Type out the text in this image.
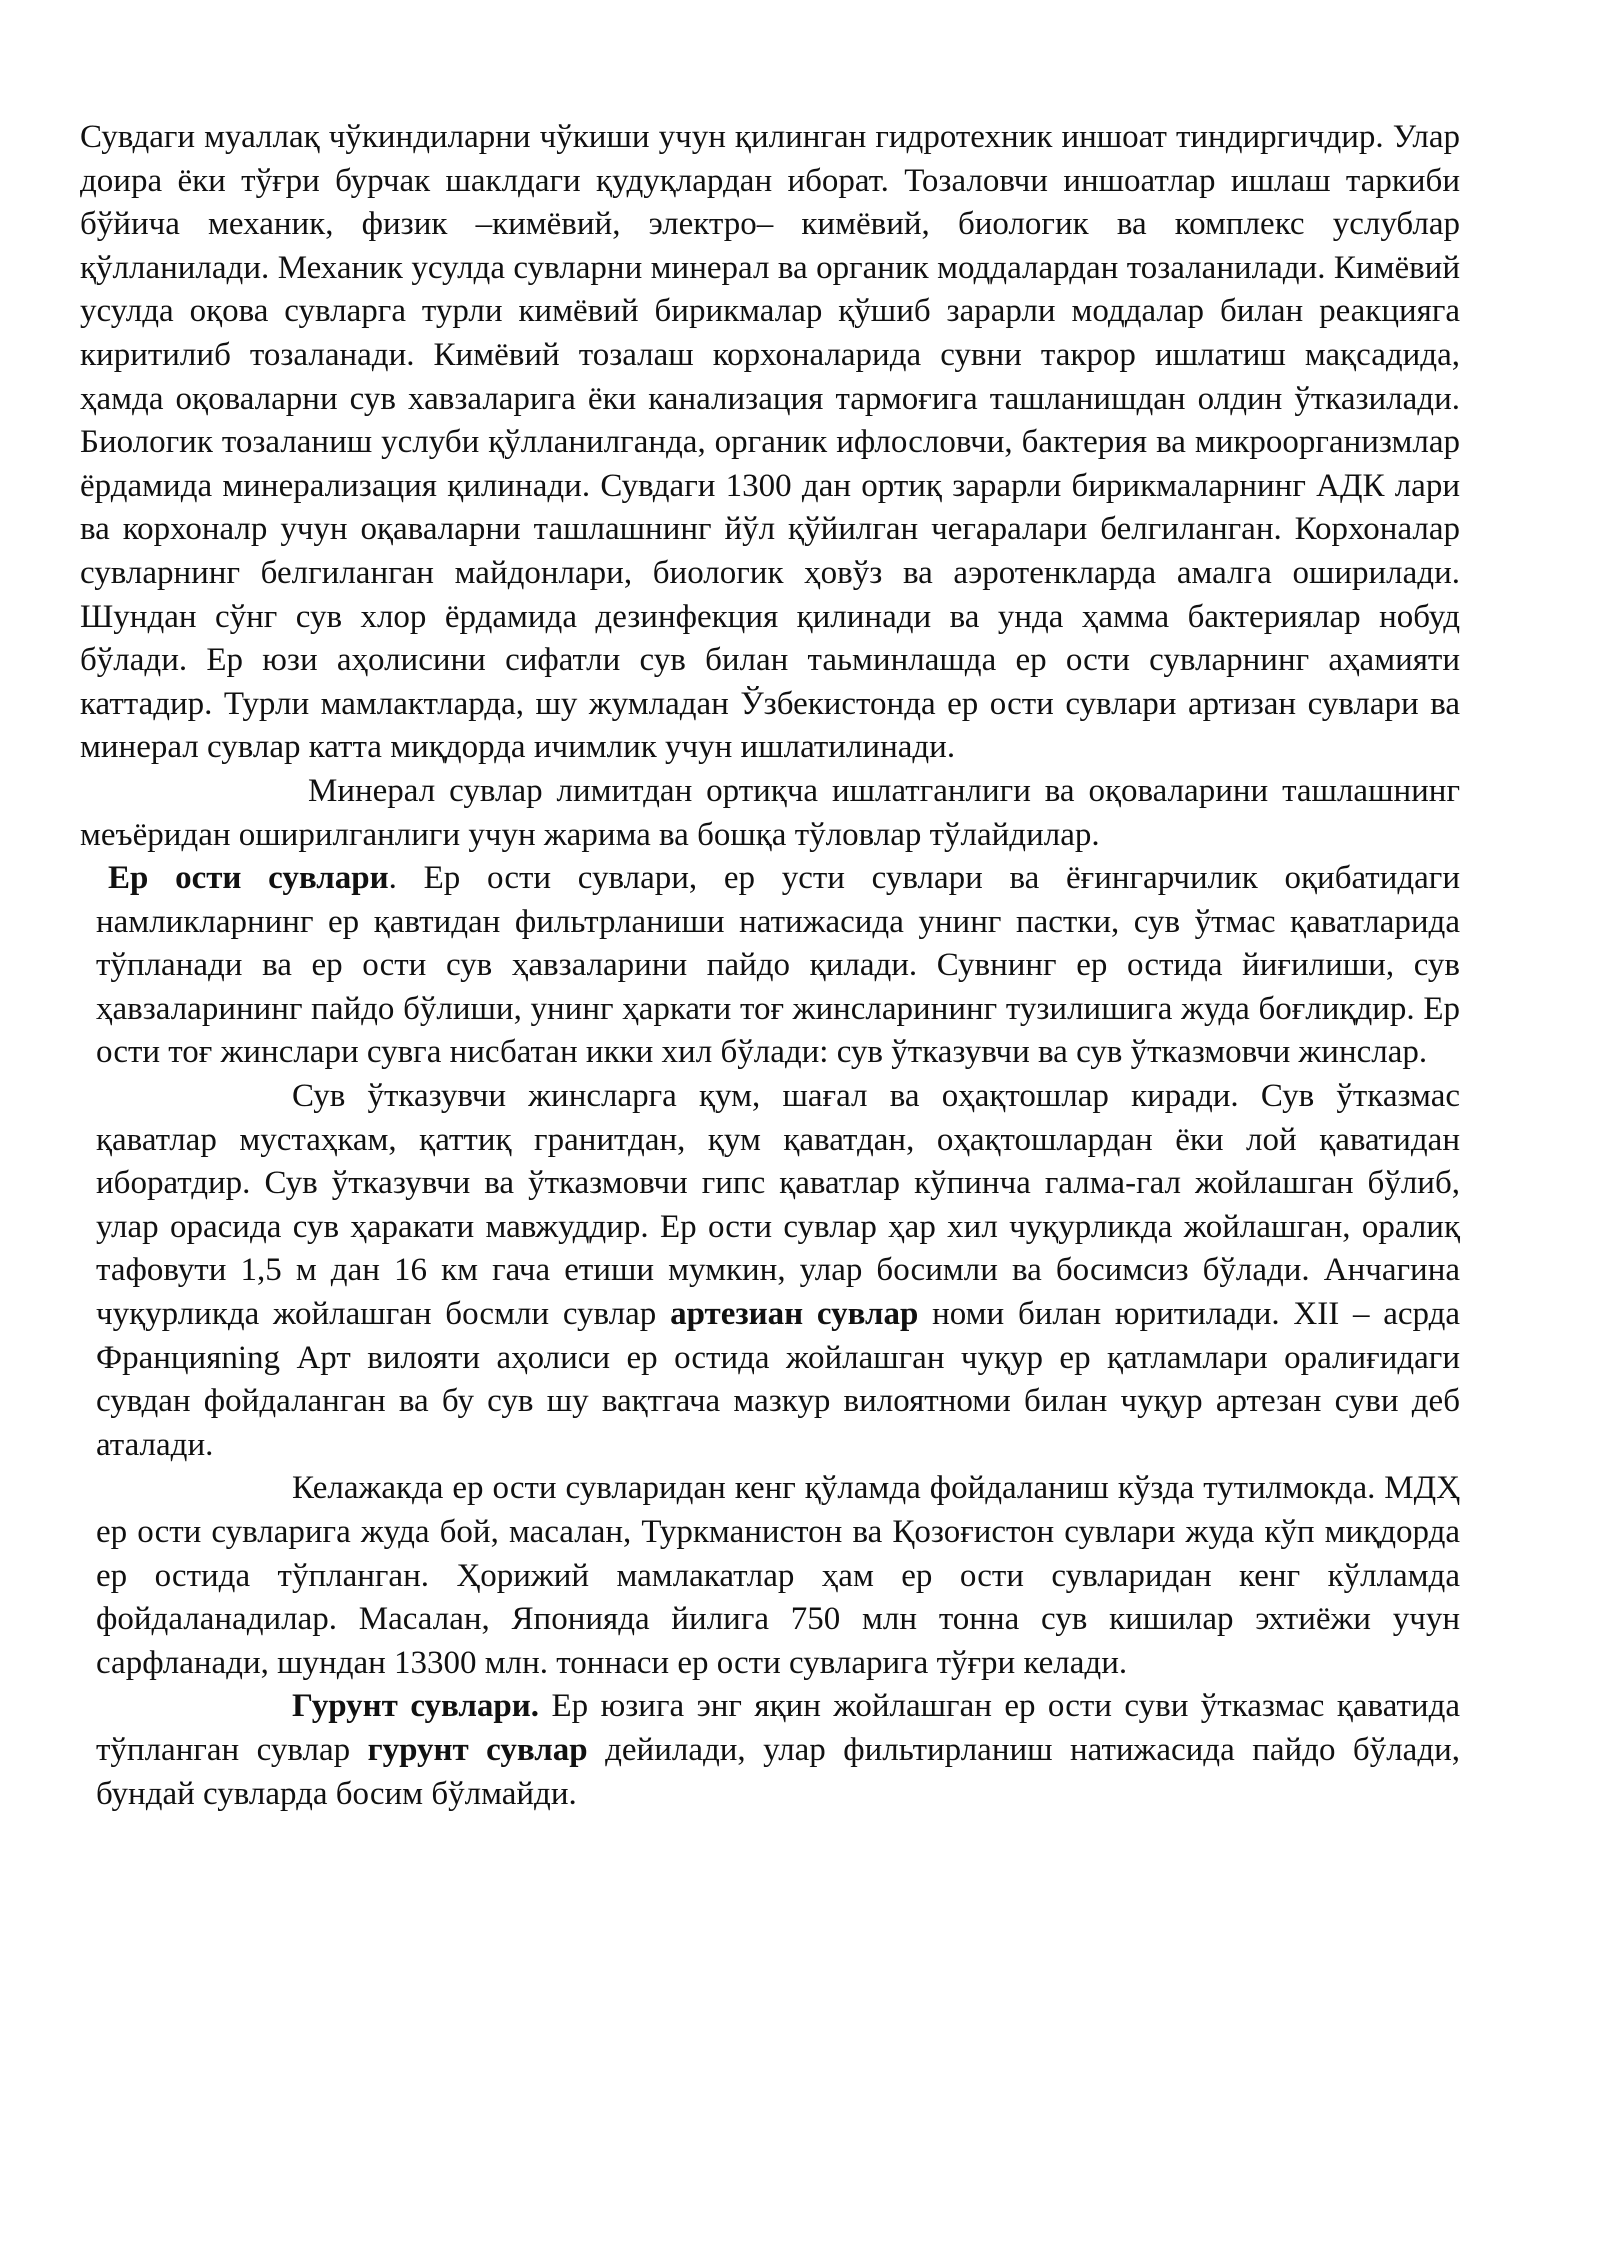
Сувдаги муаллақ чўкиндиларни чўкиши учун қилинган гидротехник иншоат тиндиргичдир. Улар доира ёки тўғри бурчак шаклдаги қудуқлардан иборат. Тозаловчи иншоатлар ишлаш таркиби бўйича механик, физик –кимёвий, электро– кимёвий, биологик ва комплекс услублар қўлланилади. Механик усулда сувларни минерал ва органик моддалардан тозаланилади. Кимёвий усулда оқова сувларга турли кимёвий бирикмалар қўшиб зарарли моддалар билан реакцияга киритилиб тозаланади. Кимёвий тозалаш корхоналарида сувни такрор ишлатиш мақсадида, ҳамда оқоваларни сув хавзаларига ёки канализация тармоғига ташланишдан олдин ўтказилади. Биологик тозаланиш услуби қўлланилганда, органик ифлословчи, бактерия ва микроорганизмлар ёрдамида минерализация қилинади. Сувдаги 1300 дан ортиқ зарарли бирикмаларнинг АДК лари ва корхоналр учун оқаваларни ташлашнинг йўл қўйилган чегаралари белгиланган. Корхоналар сувларнинг белгиланган майдонлари, биологик ҳовўз ва аэротенкларда амалга оширилади. Шундан сўнг сув хлор ёрдамида дезинфекция қилинади ва унда ҳамма бактериялар нобуд бўлади. Ер юзи аҳолисини сифатли сув билан таьминлашда ер ости сувларнинг аҳамияти каттадир. Турли мамлактларда, шу жумладан Ўзбекистонда ер ости сувлари артизан сувлари ва минерал сувлар катта миқдорда ичимлик учун ишлатилинади.

Минерал сувлар лимитдан ортиқча ишлатганлиги ва оқоваларини ташлашнинг меъёридан оширилганлиги учун жарима ва бошқа тўловлар тўлайдилар.

Ер ости сувлари. Ер ости сувлари, ер усти сувлари ва ёғингарчилик оқибатидаги намликларнинг ер қавтидан фильтрланиши натижасида унинг пастки, сув ўтмас қаватларида тўпланади ва ер ости сув ҳавзаларини пайдо қилади. Сувнинг ер остида йиғилиши, сув ҳавзаларининг пайдо бўлиши, унинг ҳаркати тоғ жинсларининг тузилишига жуда боғлиқдир. Ер ости тоғ жинслари сувга нисбатан икки хил бўлади: сув ўтказувчи ва сув ўтказмовчи жинслар.

Сув ўтказувчи жинсларга қум, шағал ва оҳақтошлар киради. Сув ўтказмас қаватлар мустаҳкам, қаттиқ гранитдан, қум қаватдан, оҳақтошлардан ёки лой қаватидан иборатдир. Сув ўтказувчи ва ўтказмовчи гипс қаватлар кўпинча галма-гал жойлашган бўлиб, улар орасида сув ҳаракати мавжуддир. Ер ости сувлар ҳар хил чуқурликда жойлашган, оралиқ тафовути 1,5 м дан 16 км гача етиши мумкин, улар босимли ва босимсиз бўлади. Анчагина чуқурликда жойлашган босмли сувлар артезиан сувлар номи билан юритилади. XII – асрда Францияning Арт вилояти аҳолиси ер остида жойлашган чуқур ер қатламлари оралиғидаги сувдан фойдаланган ва бу сув шу вақтгача мазкур вилоятноми билан чуқур артезан суви деб аталади.

Келажакда ер ости сувларидан кенг қўламда фойдаланиш кўзда тутилмокда. МДҲ ер ости сувларига жуда бой, масалан, Туркманистон ва Қозоғистон сувлари жуда кўп миқдорда ер остида тўпланган. Ҳорижий мамлакатлар ҳам ер ости сувларидан кенг кўлламда фойдаланадилар. Масалан, Японияда йилига 750 млн тонна сув кишилар эхтиёжи учун сарфланади, шундан 13300 млн. тоннаси ер ости сувларига тўғри келади.

Гурунт сувлари. Ер юзига энг яқин жойлашган ер ости суви ўтказмас қаватида тўпланган сувлар гурунт сувлар дейилади, улар фильтирланиш натижасида пайдо бўлади, бундай сувларда босим бўлмайди.
